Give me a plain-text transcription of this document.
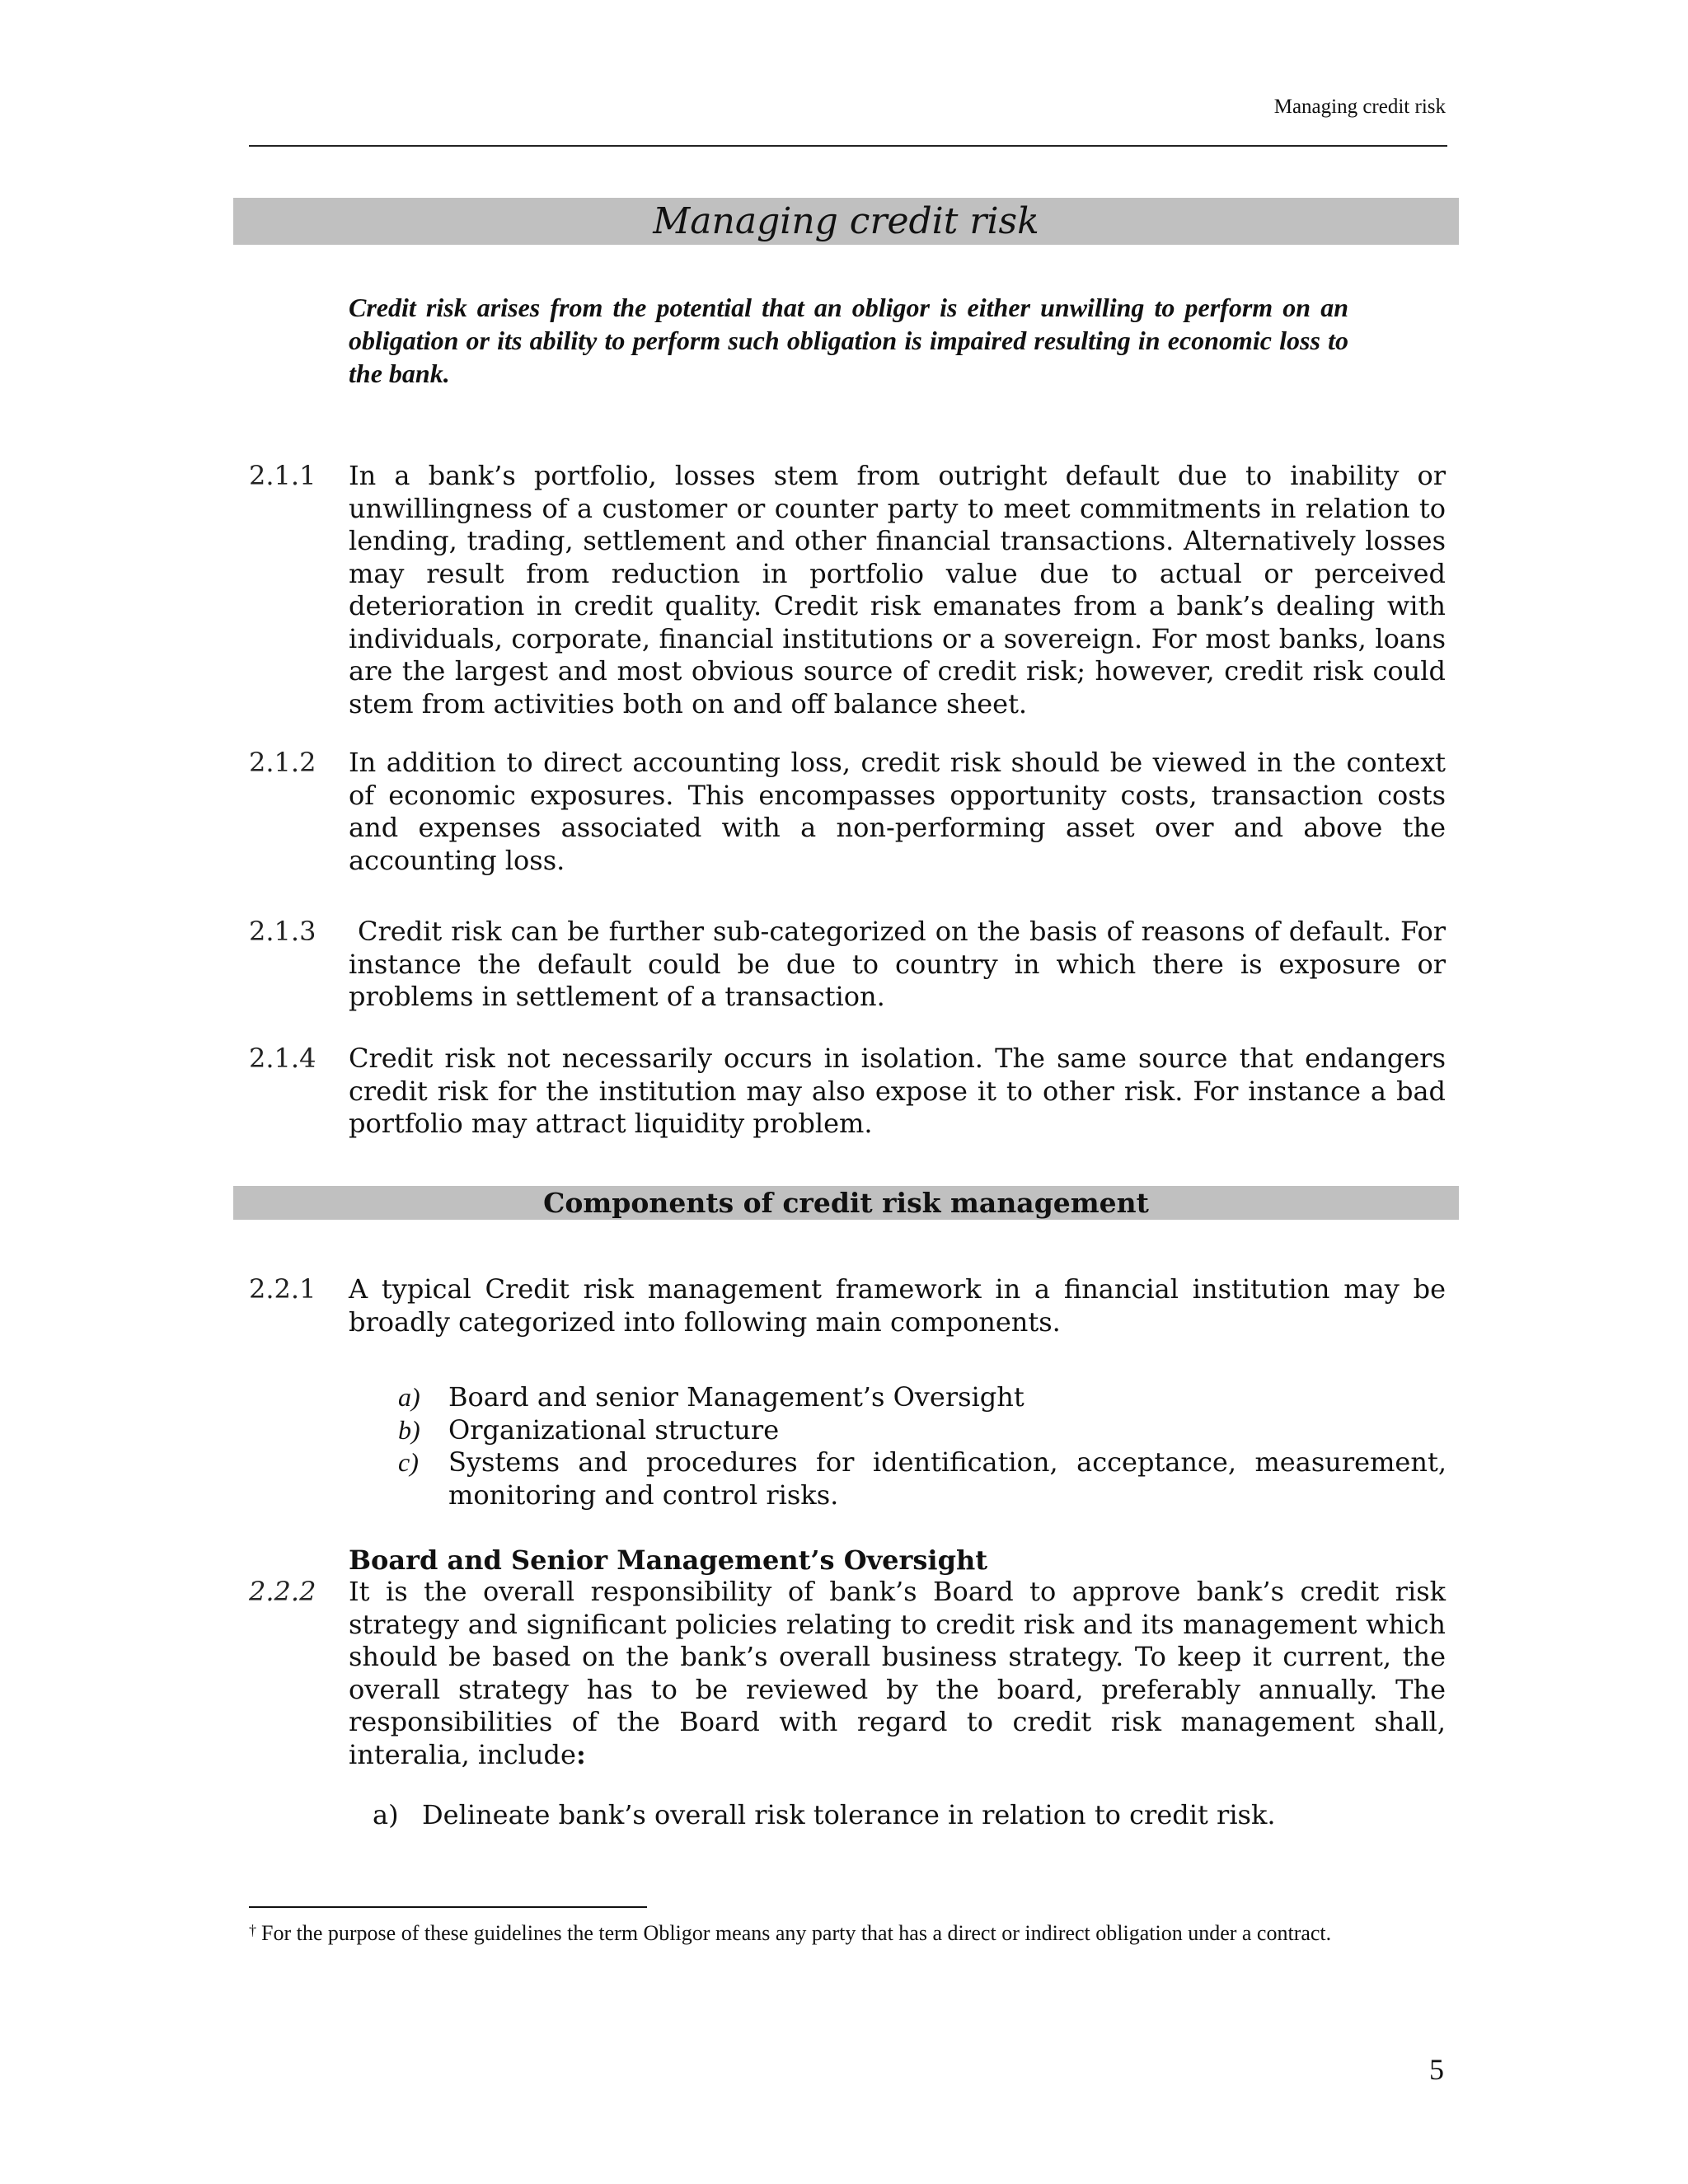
Managing credit risk
Managing credit risk

Credit risk arises from the potential that an obligor is either unwilling to perform on an obligation or its ability to perform such obligation is impaired resulting in economic loss to the bank.

2.1.1 In a bank’s portfolio, losses stem from outright default due to inability or unwillingness of a customer or counter party to meet commitments in relation to lending, trading, settlement and other financial transactions. Alternatively losses may result from reduction in portfolio value due to actual or perceived deterioration in credit quality. Credit risk emanates from a bank’s dealing with individuals, corporate, financial institutions or a sovereign. For most banks, loans are the largest and most obvious source of credit risk; however, credit risk could stem from activities both on and off balance sheet.

2.1.2 In addition to direct accounting loss, credit risk should be viewed in the context of economic exposures. This encompasses opportunity costs, transaction costs and expenses associated with a non-performing asset over and above the accounting loss.

2.1.3 Credit risk can be further sub-categorized on the basis of reasons of default. For instance the default could be due to country in which there is exposure or problems in settlement of a transaction.

2.1.4 Credit risk not necessarily occurs in isolation. The same source that endangers credit risk for the institution may also expose it to other risk. For instance a bad portfolio may attract liquidity problem.

Components of credit risk management
2.2.1 A typical Credit risk management framework in a financial institution may be broadly categorized into following main components.

a) Board and senior Management’s Oversight
b) Organizational structure
c) Systems and procedures for identification, acceptance, measurement, monitoring and control risks.
Board and Senior Management’s Oversight
2.2.2 It is the overall responsibility of bank’s Board to approve bank’s credit risk strategy and significant policies relating to credit risk and its management which should be based on the bank’s overall business strategy. To keep it current, the overall strategy has to be reviewed by the board, preferably annually. The responsibilities of the Board with regard to credit risk management shall, interalia, include:

a) Delineate bank’s overall risk tolerance in relation to credit risk.

† For the purpose of these guidelines the term Obligor means any party that has a direct or indirect obligation under a contract.

5
